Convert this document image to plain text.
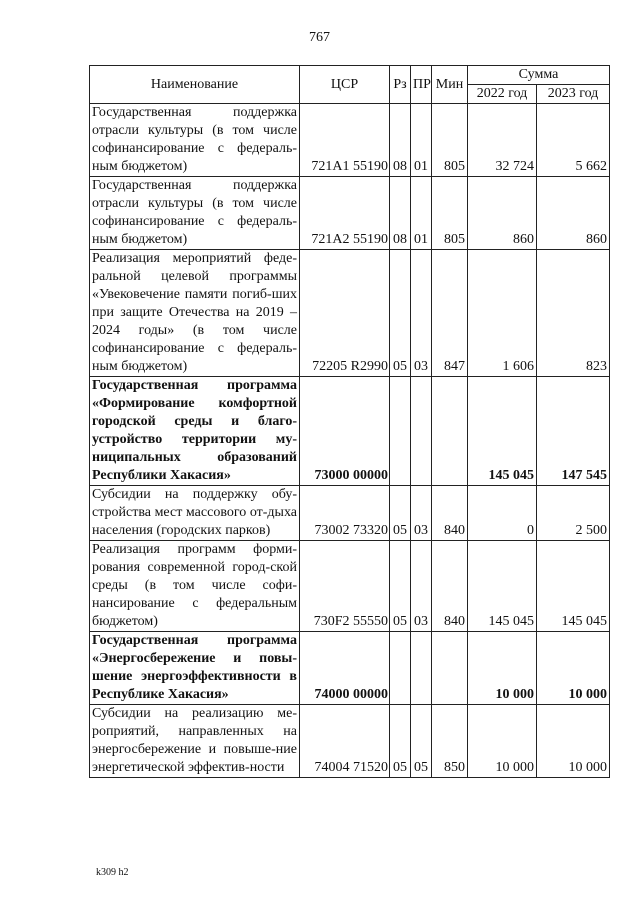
767
Наименование	ЦСР	Рз	ПР	Мин	Сумма	
					2022 год	2023 год
Государственная поддержка отрасли культуры (в том числе софинансирование с федераль-ным бюджетом)	721А1 55190	08	01	805	32 724	5 662
Государственная поддержка отрасли культуры (в том числе софинансирование с федераль-ным бюджетом)	721А2 55190	08	01	805	860	860
Реализация мероприятий феде-ральной целевой программы «Увековечение памяти погиб-ших при защите Отечества на 2019 – 2024 годы» (в том числе софинансирование с федераль-ным бюджетом)	72205 R2990	05	03	847	1 606	823
Государственная программа «Формирование комфортной городской среды и благо-устройство территории му-ниципальных образований Республики Хакасия»	73000 00000				145 045	147 545
Субсидии на поддержку обу-стройства мест массового от-дыха населения (городских парков)	73002 73320	05	03	840	0	2 500
Реализация программ форми-рования современной город-ской среды (в том числе софи-нансирование с федеральным бюджетом)	730F2 55550	05	03	840	145 045	145 045
Государственная программа «Энергосбережение и повы-шение энергоэффективности в Республике Хакасия»	74000 00000				10 000	10 000
Субсидии на реализацию ме-роприятий, направленных на энергосбережение и повыше-ние энергетической эффектив-ности	74004 71520	05	05	850	10 000	10 000
k309 h2
